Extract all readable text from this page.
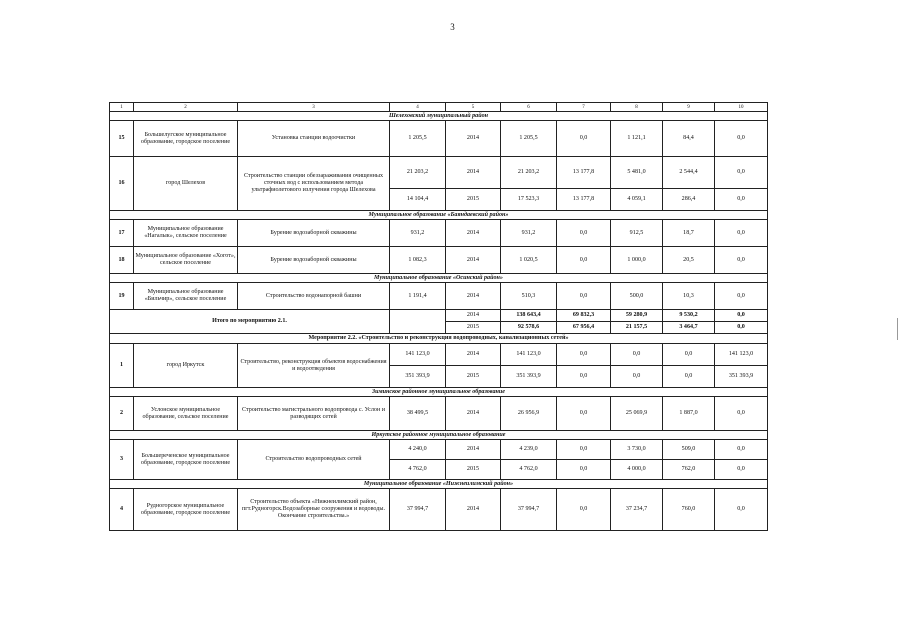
3
1	2	3	4	5	6	7	8	9	10
Шелеховский муниципальный район									
15	Большелугское муниципальное образование, городское поселение	Установка станции водоочистки	1 205,5	2014	1 205,5	0,0	1 121,1	84,4	0,0
16	город Шелехов	Строительство станции обеззараживания очищенных сточных вод с использованием метода ультрафиолетового излучения города Шелехова	21 203,2	2014	21 203,2	13 177,8	5 481,0	2 544,4	0,0
			14 104,4	2015	17 523,3	13 177,8	4 059,1	286,4	0,0
Муниципальное образование «Баяндаевский район»									
17	Муниципальное образование «Нагалык», сельское поселение	Бурение водозаборной скважины	931,2	2014	931,2	0,0	912,5	18,7	0,0
18	Муниципальное образование «Хогот», сельское поселение	Бурение водозаборной скважины	1 082,3	2014	1 020,5	0,0	1 000,0	20,5	0,0
Муниципальное образование «Осинский район»									
19	Муниципальное образование «Бильчир», сельское поселение	Строительство водонапорной башни	1 191,4	2014	510,3	0,0	500,0	10,3	0,0
Итого по мероприятию 2.1.				2014	138 643,4	69 832,3	59 280,9	9 530,2	0,0
				2015	92 578,6	67 956,4	21 157,5	3 464,7	0,0
Мероприятие 2.2. «Строительство и реконструкция водопроводных, канализационных сетей»									
1	город Иркутск	Строительство, реконструкция объектов водоснабжения и водоотведения	141 123,0	2014	141 123,0	0,0	0,0	0,0	141 123,0
			351 393,9	2015	351 393,9	0,0	0,0	0,0	351 393,9
Зиминское районное муниципальное образование									
2	Услонское муниципальное образование, сельское поселение	Строительство магистрального водопровода с. Услон и разводящих сетей	38 499,5	2014	26 956,9	0,0	25 069,9	1 887,0	0,0
Иркутское районное муниципальное образование									
3	Большереченское муниципальное образование, городское поселение	Строительство водопроводных сетей	4 240,0	2014	4 239,0	0,0	3 730,0	509,0	0,0
			4 762,0	2015	4 762,0	0,0	4 000,0	762,0	0,0
Муниципальное образование «Нижнеилимский район»									
4	Рудногорское муниципальное образование, городское поселение	Строительство объекта «Нижнеилимский район, пгт.Рудногорск.Водозаборные сооружения и водоводы. Окончание строительства.»	37 994,7	2014	37 994,7	0,0	37 234,7	760,0	0,0
